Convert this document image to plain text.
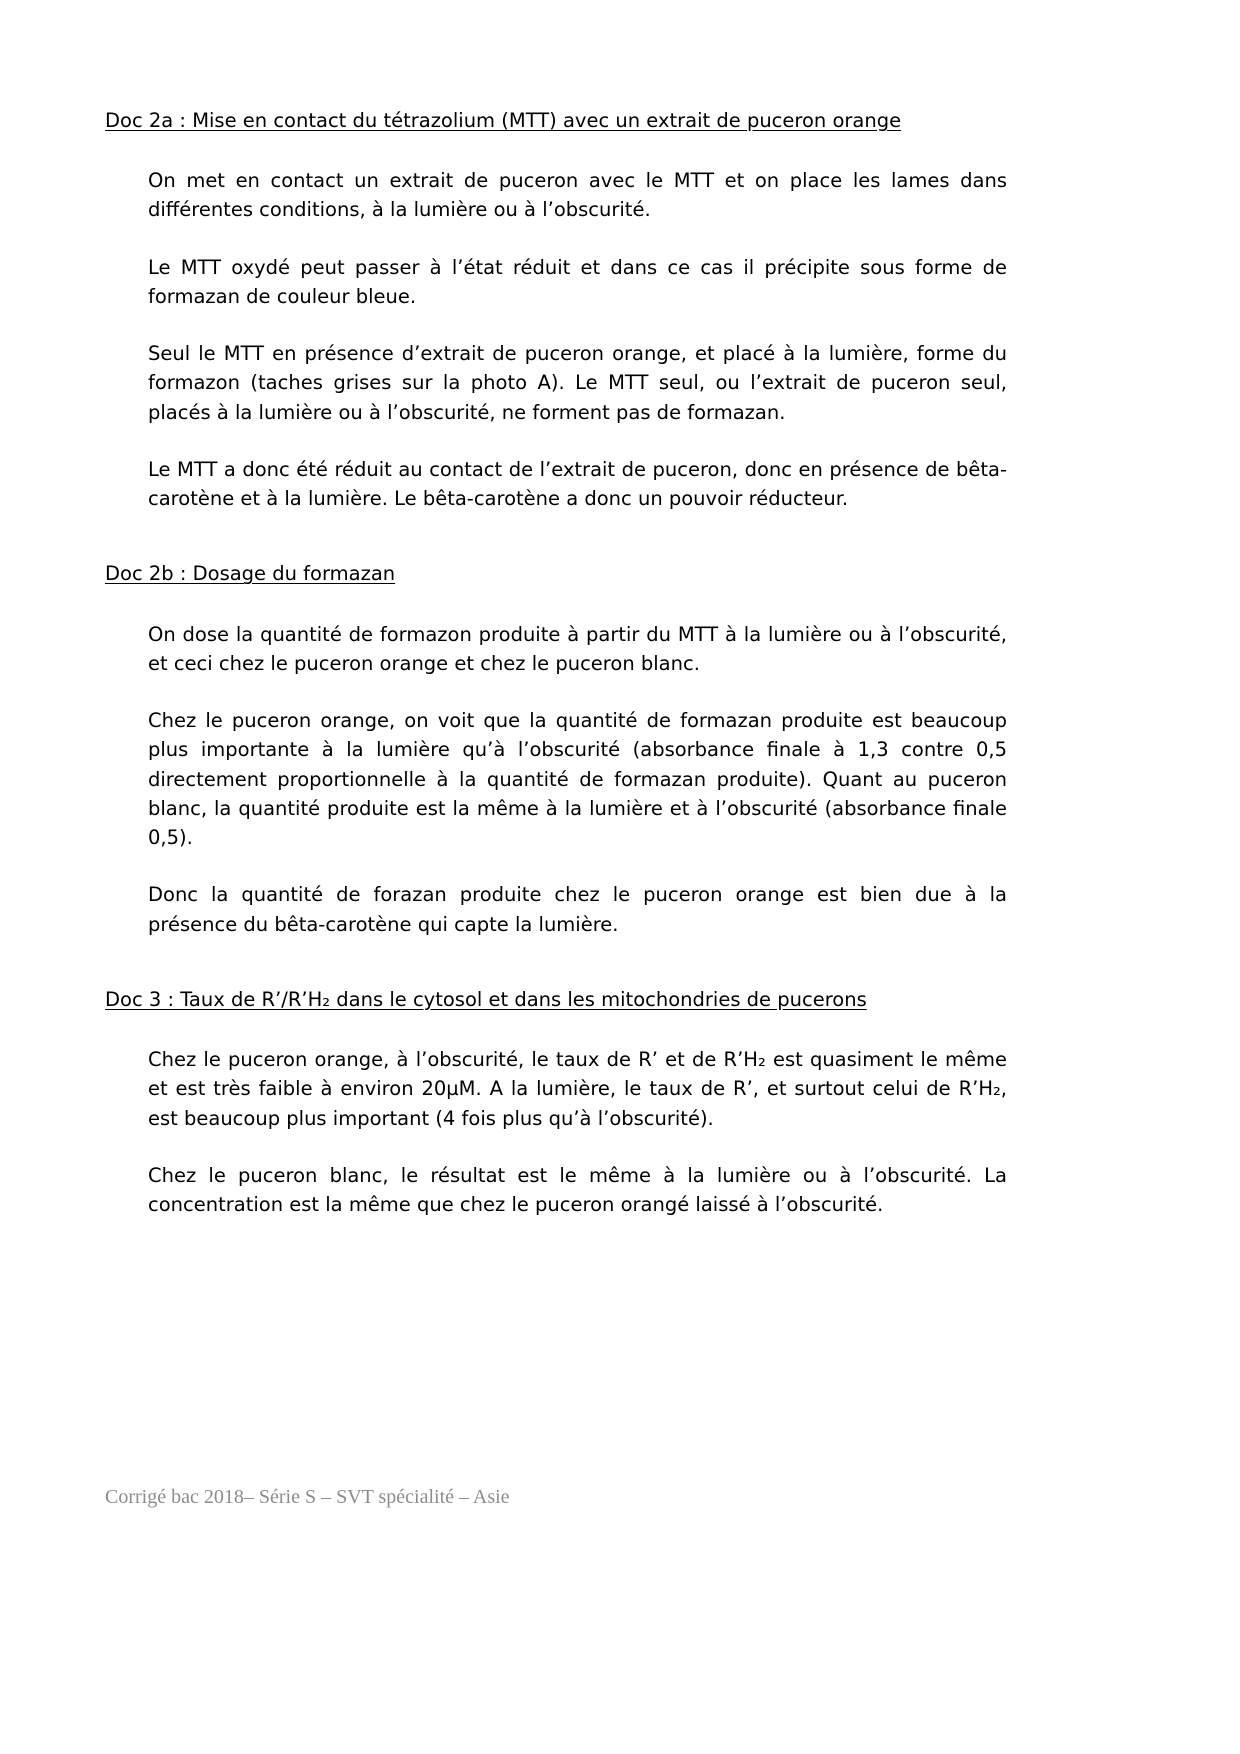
Doc 2a : Mise en contact du tétrazolium (MTT) avec un extrait de puceron orange

On met en contact un extrait de puceron avec le MTT et on place les lames dans différentes conditions, à la lumière ou à l’obscurité.

Le MTT oxydé peut passer à l’état réduit et dans ce cas il précipite sous forme de formazan de couleur bleue.

Seul le MTT en présence d’extrait de puceron orange, et placé à la lumière, forme du formazon (taches grises sur la photo A). Le MTT seul, ou l’extrait de puceron seul, placés à la lumière ou à l’obscurité, ne forment pas de formazan.

Le MTT a donc été réduit au contact de l’extrait de puceron, donc en présence de bêta-carotène et à la lumière. Le bêta-carotène a donc un pouvoir réducteur.

Doc 2b : Dosage du formazan

On dose la quantité de formazon produite à partir du MTT à la lumière ou à l’obscurité, et ceci chez le puceron orange et chez le puceron blanc.

Chez le puceron orange, on voit que la quantité de formazan produite est beaucoup plus importante à la lumière qu’à l’obscurité (absorbance finale à 1,3 contre 0,5 directement proportionnelle à la quantité de formazan produite). Quant au puceron blanc, la quantité produite est la même à la lumière et à l’obscurité (absorbance finale 0,5).

Donc la quantité de forazan produite chez le puceron orange est bien due à la présence du bêta-carotène qui capte la lumière.

Doc 3 : Taux de R’/R’H₂ dans le cytosol et dans les mitochondries de pucerons

Chez le puceron orange, à l’obscurité, le taux de R’ et de R’H₂ est quasiment le même et est très faible à environ 20µM. A la lumière, le taux de R’, et surtout celui de R’H₂, est beaucoup plus important (4 fois plus qu’à l’obscurité).

Chez le puceron blanc, le résultat est le même à la lumière ou à l’obscurité. La concentration est la même que chez le puceron orangé laissé à l’obscurité.

Corrigé bac 2018– Série S – SVT spécialité – Asie
